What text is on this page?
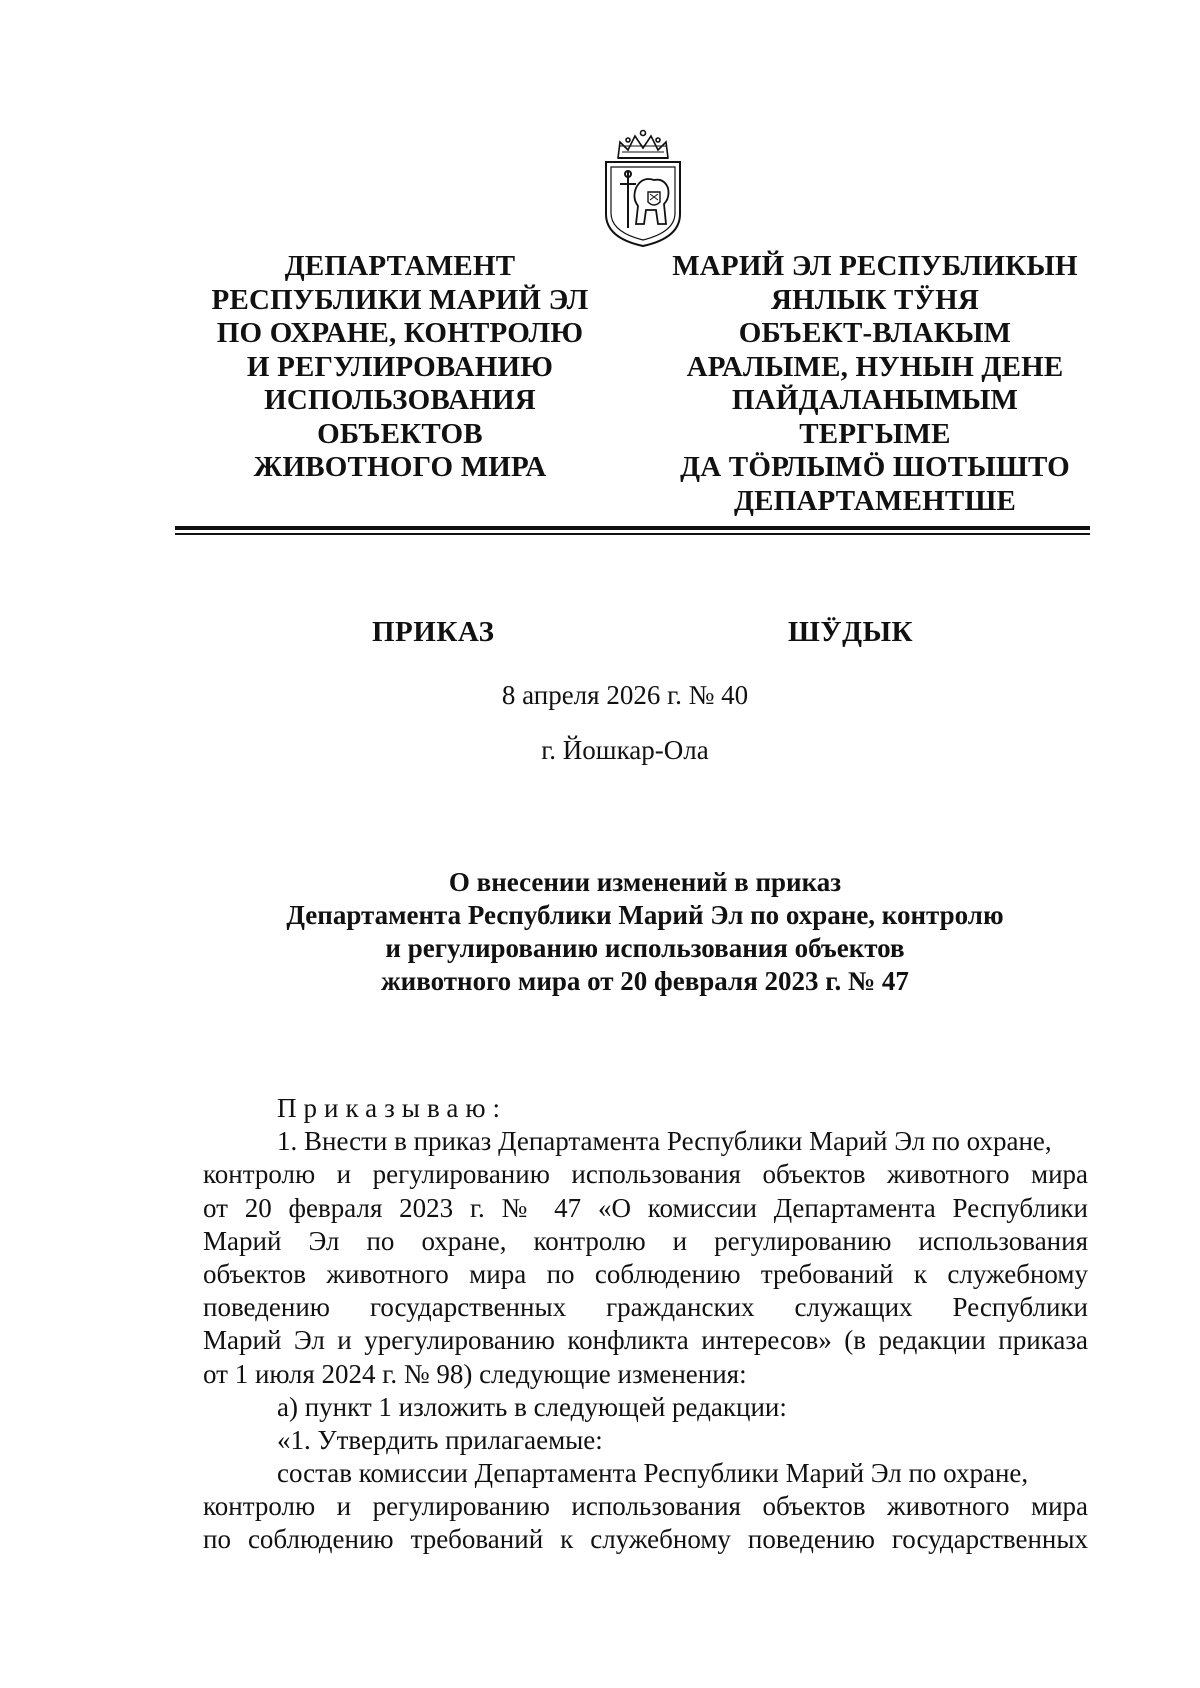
ДЕПАРТАМЕНТ
РЕСПУБЛИКИ МАРИЙ ЭЛ
ПО ОХРАНЕ, КОНТРОЛЮ
И РЕГУЛИРОВАНИЮ
ИСПОЛЬЗОВАНИЯ
ОБЪЕКТОВ
ЖИВОТНОГО МИРА
МАРИЙ ЭЛ РЕСПУБЛИКЫН
ЯНЛЫК ТӰНЯ
ОБЪЕКТ-ВЛАКЫМ
АРАЛЫМЕ, НУНЫН ДЕНЕ
ПАЙДАЛАНЫМЫМ
ТЕРГЫМЕ
ДА ТӦРЛЫМӦ ШОТЫШТО
ДЕПАРТАМЕНТШЕ
ПРИКАЗ	ШӰДЫК
8 апреля 2026 г. № 40
г. Йошкар-Ола
О внесении изменений в приказ
Департамента Республики Марий Эл по охране, контролю
и регулированию использования объектов
животного мира от 20 февраля 2023 г. № 47
Приказываю:
1. Внести в приказ Департамента Республики Марий Эл по охране,
контролю и регулированию использования объектов животного мира
от 20 февраля 2023 г. № 47 «О комиссии Департамента Республики
Марий Эл по охране, контролю и регулированию использования
объектов животного мира по соблюдению требований к служебному
поведению государственных гражданских служащих Республики
Марий Эл и урегулированию конфликта интересов» (в редакции приказа
от 1 июля 2024 г. № 98) следующие изменения:
а) пункт 1 изложить в следующей редакции:
«1. Утвердить прилагаемые:
состав комиссии Департамента Республики Марий Эл по охране,
контролю и регулированию использования объектов животного мира
по соблюдению требований к служебному поведению государственных
